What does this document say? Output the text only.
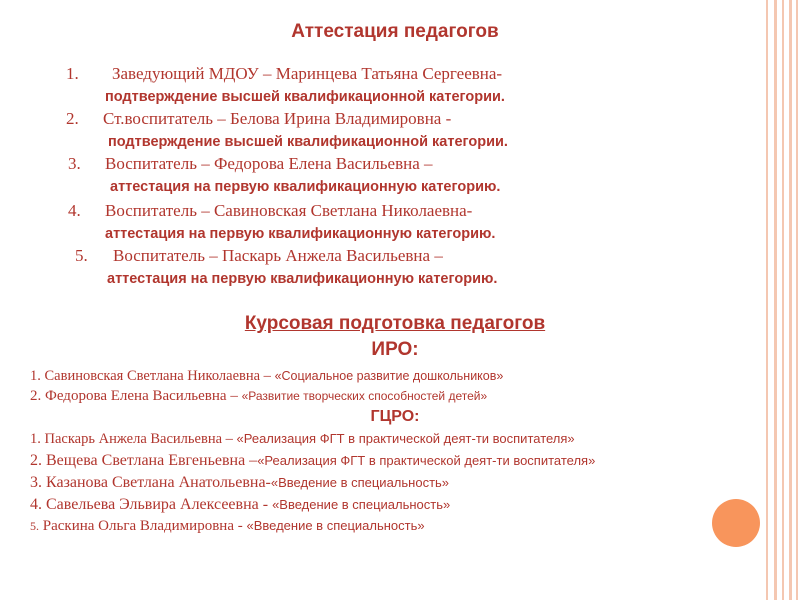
Аттестация педагогов
1. Заведующий МДОУ – Маринцева Татьяна Сергеевна-
подтверждение высшей квалификационной категории.
2. Ст.воспитатель – Белова Ирина Владимировна -
подтверждение высшей квалификационной категории.
3. Воспитатель – Федорова Елена Васильевна –
аттестация на первую квалификационную категорию.
4. Воспитатель – Савиновская Светлана Николаевна-
аттестация на первую квалификационную категорию.
5. Воспитатель – Паскарь Анжела Васильевна –
аттестация на первую квалификационную категорию.
Курсовая подготовка педагогов
ИРО:
1. Савиновская Светлана Николаевна – «Социальное развитие дошкольников»
2. Федорова Елена Васильевна – «Развитие творческих способностей детей»
ГЦРО:
1. Паскарь Анжела Васильевна – «Реализация ФГТ в практической деят-ти воспитателя»
2. Вещева Светлана Евгеньевна –«Реализация ФГТ в практической деят-ти воспитателя»
3. Казанова Светлана Анатольевна-«Введение в специальность»
4. Савельева Эльвира Алексеевна - «Введение в специальность»
5. Раскина Ольга Владимировна - «Введение в специальность»
